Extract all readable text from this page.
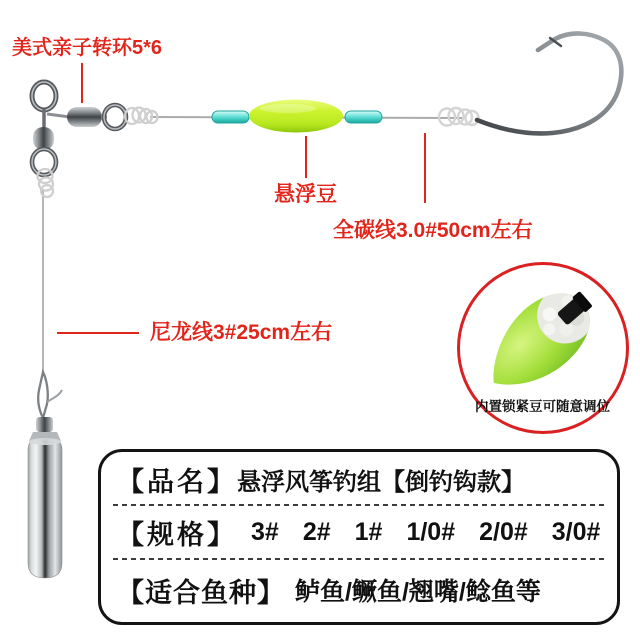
美式亲子转环5*6
悬浮豆
全碳线3.0#50cm左右
尼龙线3#25cm左右
内置锁紧豆可随意调位
【品名】 悬浮风筝钓组【倒钓钩款】
【规格】 3# 2# 1# 1/0# 2/0# 3/0#
【适合鱼种】 鲈鱼/鳜鱼/翘嘴/鲶鱼等
